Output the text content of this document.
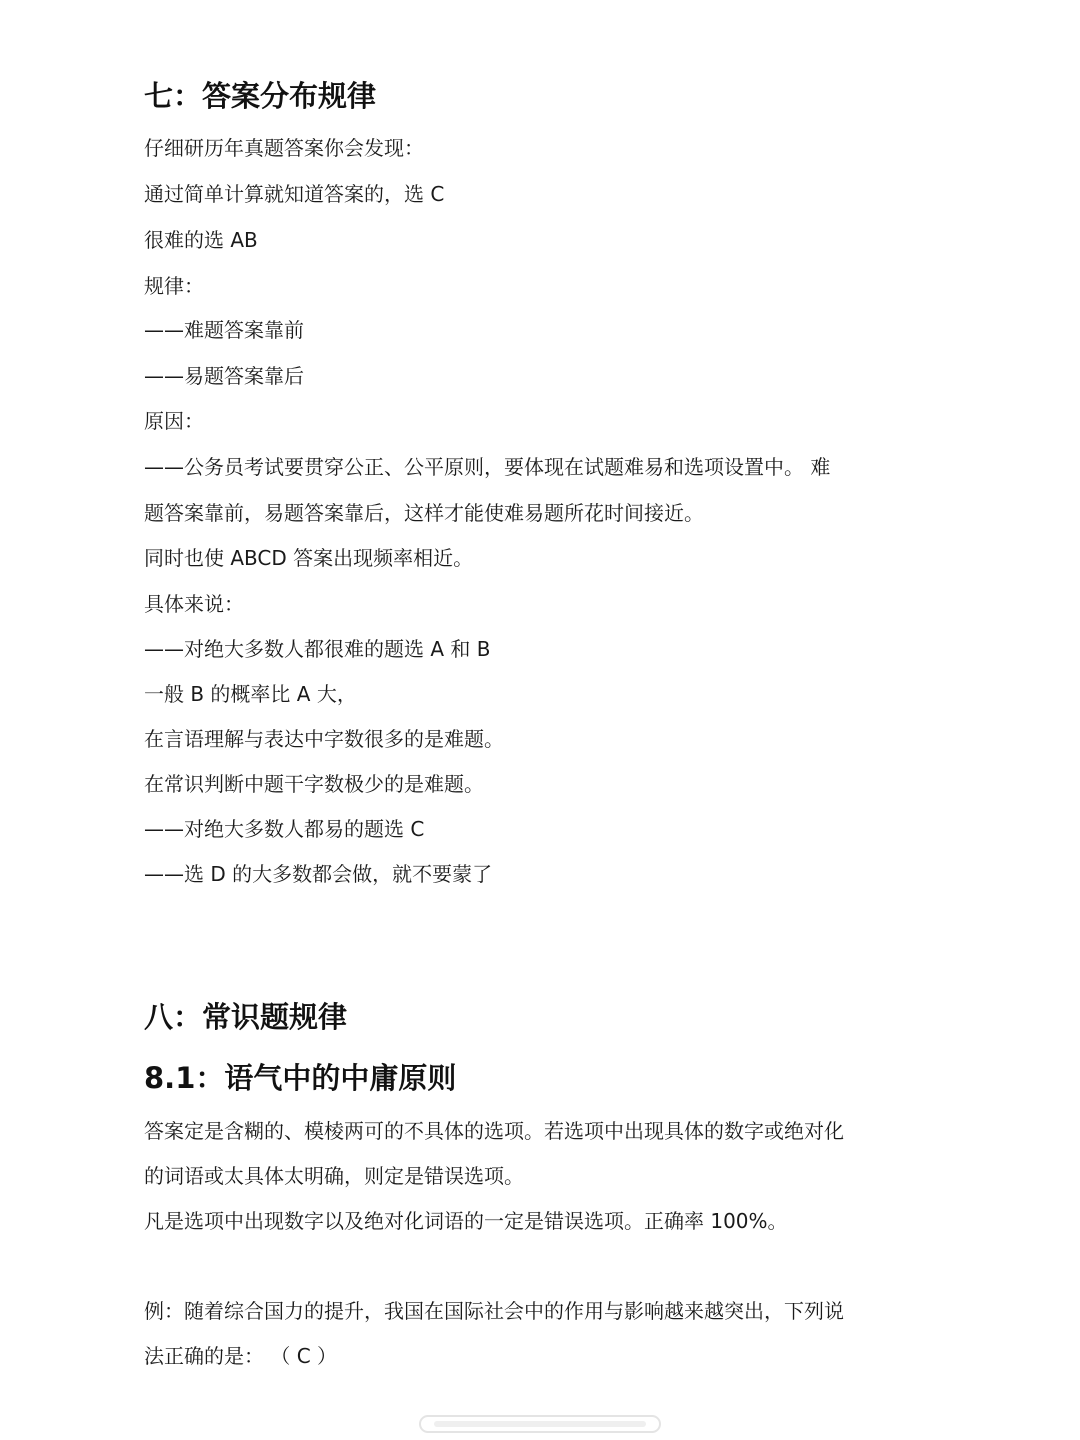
七：答案分布规律
仔细研历年真题答案你会发现：
通过简单计算就知道答案的，选 C
很难的选 AB
规律：
——难题答案靠前
——易题答案靠后
原因：
——公务员考试要贯穿公正、公平原则，要体现在试题难易和选项设置中。 难
题答案靠前，易题答案靠后，这样才能使难易题所花时间接近。
同时也使 ABCD 答案出现频率相近。
具体来说：
——对绝大多数人都很难的题选 A 和 B
一般 B 的概率比 A 大，
在言语理解与表达中字数很多的是难题。
在常识判断中题干字数极少的是难题。
——对绝大多数人都易的题选 C
——选 D 的大多数都会做，就不要蒙了
八：常识题规律
8.1：语气中的中庸原则
答案定是含糊的、模棱两可的不具体的选项。若选项中出现具体的数字或绝对化
的词语或太具体太明确，则定是错误选项。
凡是选项中出现数字以及绝对化词语的一定是错误选项。正确率 100%。
例：随着综合国力的提升，我国在国际社会中的作用与影响越来越突出，下列说
法正确的是： （ C ）
